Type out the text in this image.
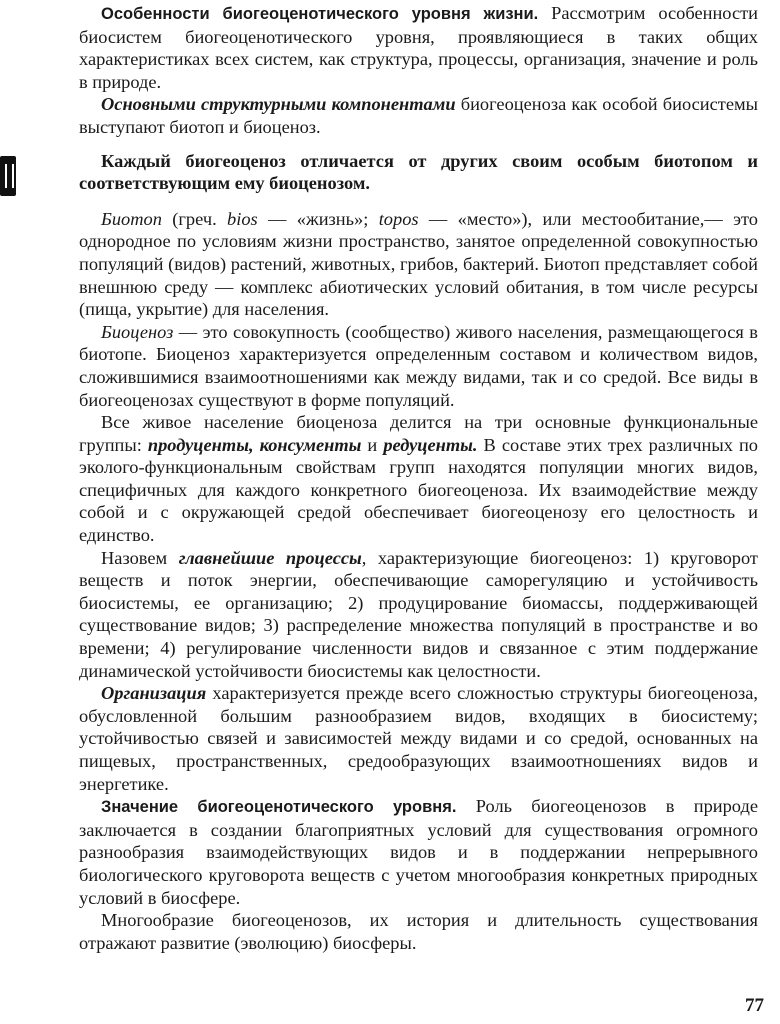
Особенности биогеоценотического уровня жизни. Рассмотрим особенности биосистем биогеоценотического уровня, проявляющиеся в таких общих характеристиках всех систем, как структура, процессы, организация, значение и роль в природе.

Основными структурными компонентами биогеоценоза как особой биосистемы выступают биотоп и биоценоз.

Каждый биогеоценоз отличается от других своим особым биотопом и соответствующим ему биоценозом.

Биотоп (греч. bios — «жизнь»; topos — «место»), или местообитание,— это однородное по условиям жизни пространство, занятое определенной совокупностью популяций (видов) растений, животных, грибов, бактерий. Биотоп представляет собой внешнюю среду — комплекс абиотических условий обитания, в том числе ресурсы (пища, укрытие) для населения.

Биоценоз — это совокупность (сообщество) живого населения, размещающегося в биотопе. Биоценоз характеризуется определенным составом и количеством видов, сложившимися взаимоотношениями как между видами, так и со средой. Все виды в биогеоценозах существуют в форме популяций.

Все живое население биоценоза делится на три основные функциональные группы: продуценты, консументы и редуценты. В составе этих трех различных по эколого-функциональным свойствам групп находятся популяции многих видов, специфичных для каждого конкретного биогеоценоза. Их взаимодействие между собой и с окружающей средой обеспечивает биогеоценозу его целостность и единство.

Назовем главнейшие процессы, характеризующие биогеоценоз: 1) круговорот веществ и поток энергии, обеспечивающие саморегуляцию и устойчивость биосистемы, ее организацию; 2) продуцирование биомассы, поддерживающей существование видов; 3) распределение множества популяций в пространстве и во времени; 4) регулирование численности видов и связанное с этим поддержание динамической устойчивости биосистемы как целостности.

Организация характеризуется прежде всего сложностью структуры биогеоценоза, обусловленной большим разнообразием видов, входящих в биосистему; устойчивостью связей и зависимостей между видами и со средой, основанных на пищевых, пространственных, средообразующих взаимоотношениях видов и энергетике.

Значение биогеоценотического уровня. Роль биогеоценозов в природе заключается в создании благоприятных условий для существования огромного разнообразия взаимодействующих видов и в поддержании непрерывного биологического круговорота веществ с учетом многообразия конкретных природных условий в биосфере.

Многообразие биогеоценозов, их история и длительность существования отражают развитие (эволюцию) биосферы.

77
